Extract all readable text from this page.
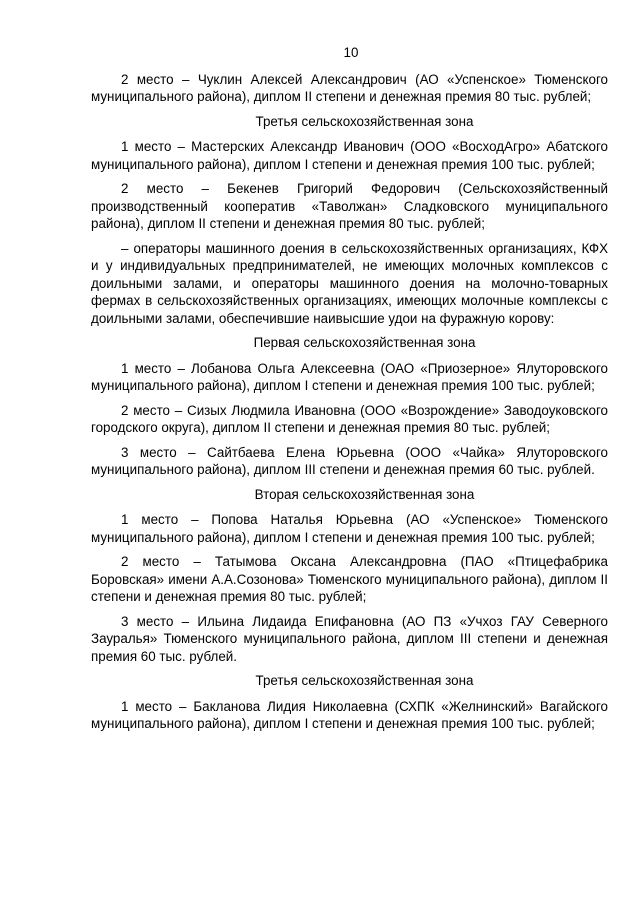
10

2 место – Чуклин Алексей Александрович (АО «Успенское» Тюменского муниципального района), диплом II степени и денежная премия 80 тыс. рублей;

Третья сельскохозяйственная зона

1 место – Мастерских Александр Иванович (ООО «ВосходАгро» Абатского муниципального района), диплом I степени и денежная премия 100 тыс. рублей;

2 место – Бекенев Григорий Федорович (Сельскохозяйственный производственный кооператив «Таволжан» Сладковского муниципального района), диплом II степени и денежная премия 80 тыс. рублей;

– операторы машинного доения в сельскохозяйственных организациях, КФХ и у индивидуальных предпринимателей, не имеющих молочных комплексов с доильными залами, и операторы машинного доения на молочно-товарных фермах в сельскохозяйственных организациях, имеющих молочные комплексы с доильными залами, обеспечившие наивысшие удои на фуражную корову:

Первая сельскохозяйственная зона

1 место – Лобанова Ольга Алексеевна (ОАО «Приозерное» Ялуторовского муниципального района), диплом I степени и денежная премия 100 тыс. рублей;

2 место – Сизых Людмила Ивановна (ООО «Возрождение» Заводоуковского городского округа), диплом II степени и денежная премия 80 тыс. рублей;

3 место – Сайтбаева Елена Юрьевна (ООО «Чайка» Ялуторовского муниципального района), диплом III степени и денежная премия 60 тыс. рублей.

Вторая сельскохозяйственная зона

1 место – Попова Наталья Юрьевна (АО «Успенское» Тюменского муниципального района), диплом I степени и денежная премия 100 тыс. рублей;

2 место – Татымова Оксана Александровна (ПАО «Птицефабрика Боровская» имени А.А.Созонова» Тюменского муниципального района), диплом II степени и денежная премия 80 тыс. рублей;

3 место – Ильина Лидаида Епифановна (АО ПЗ «Учхоз ГАУ Северного Зауралья» Тюменского муниципального района, диплом III степени и денежная премия 60 тыс. рублей.

Третья сельскохозяйственная зона

1 место – Бакланова Лидия Николаевна (СХПК «Желнинский» Вагайского муниципального района), диплом I степени и денежная премия 100 тыс. рублей;
